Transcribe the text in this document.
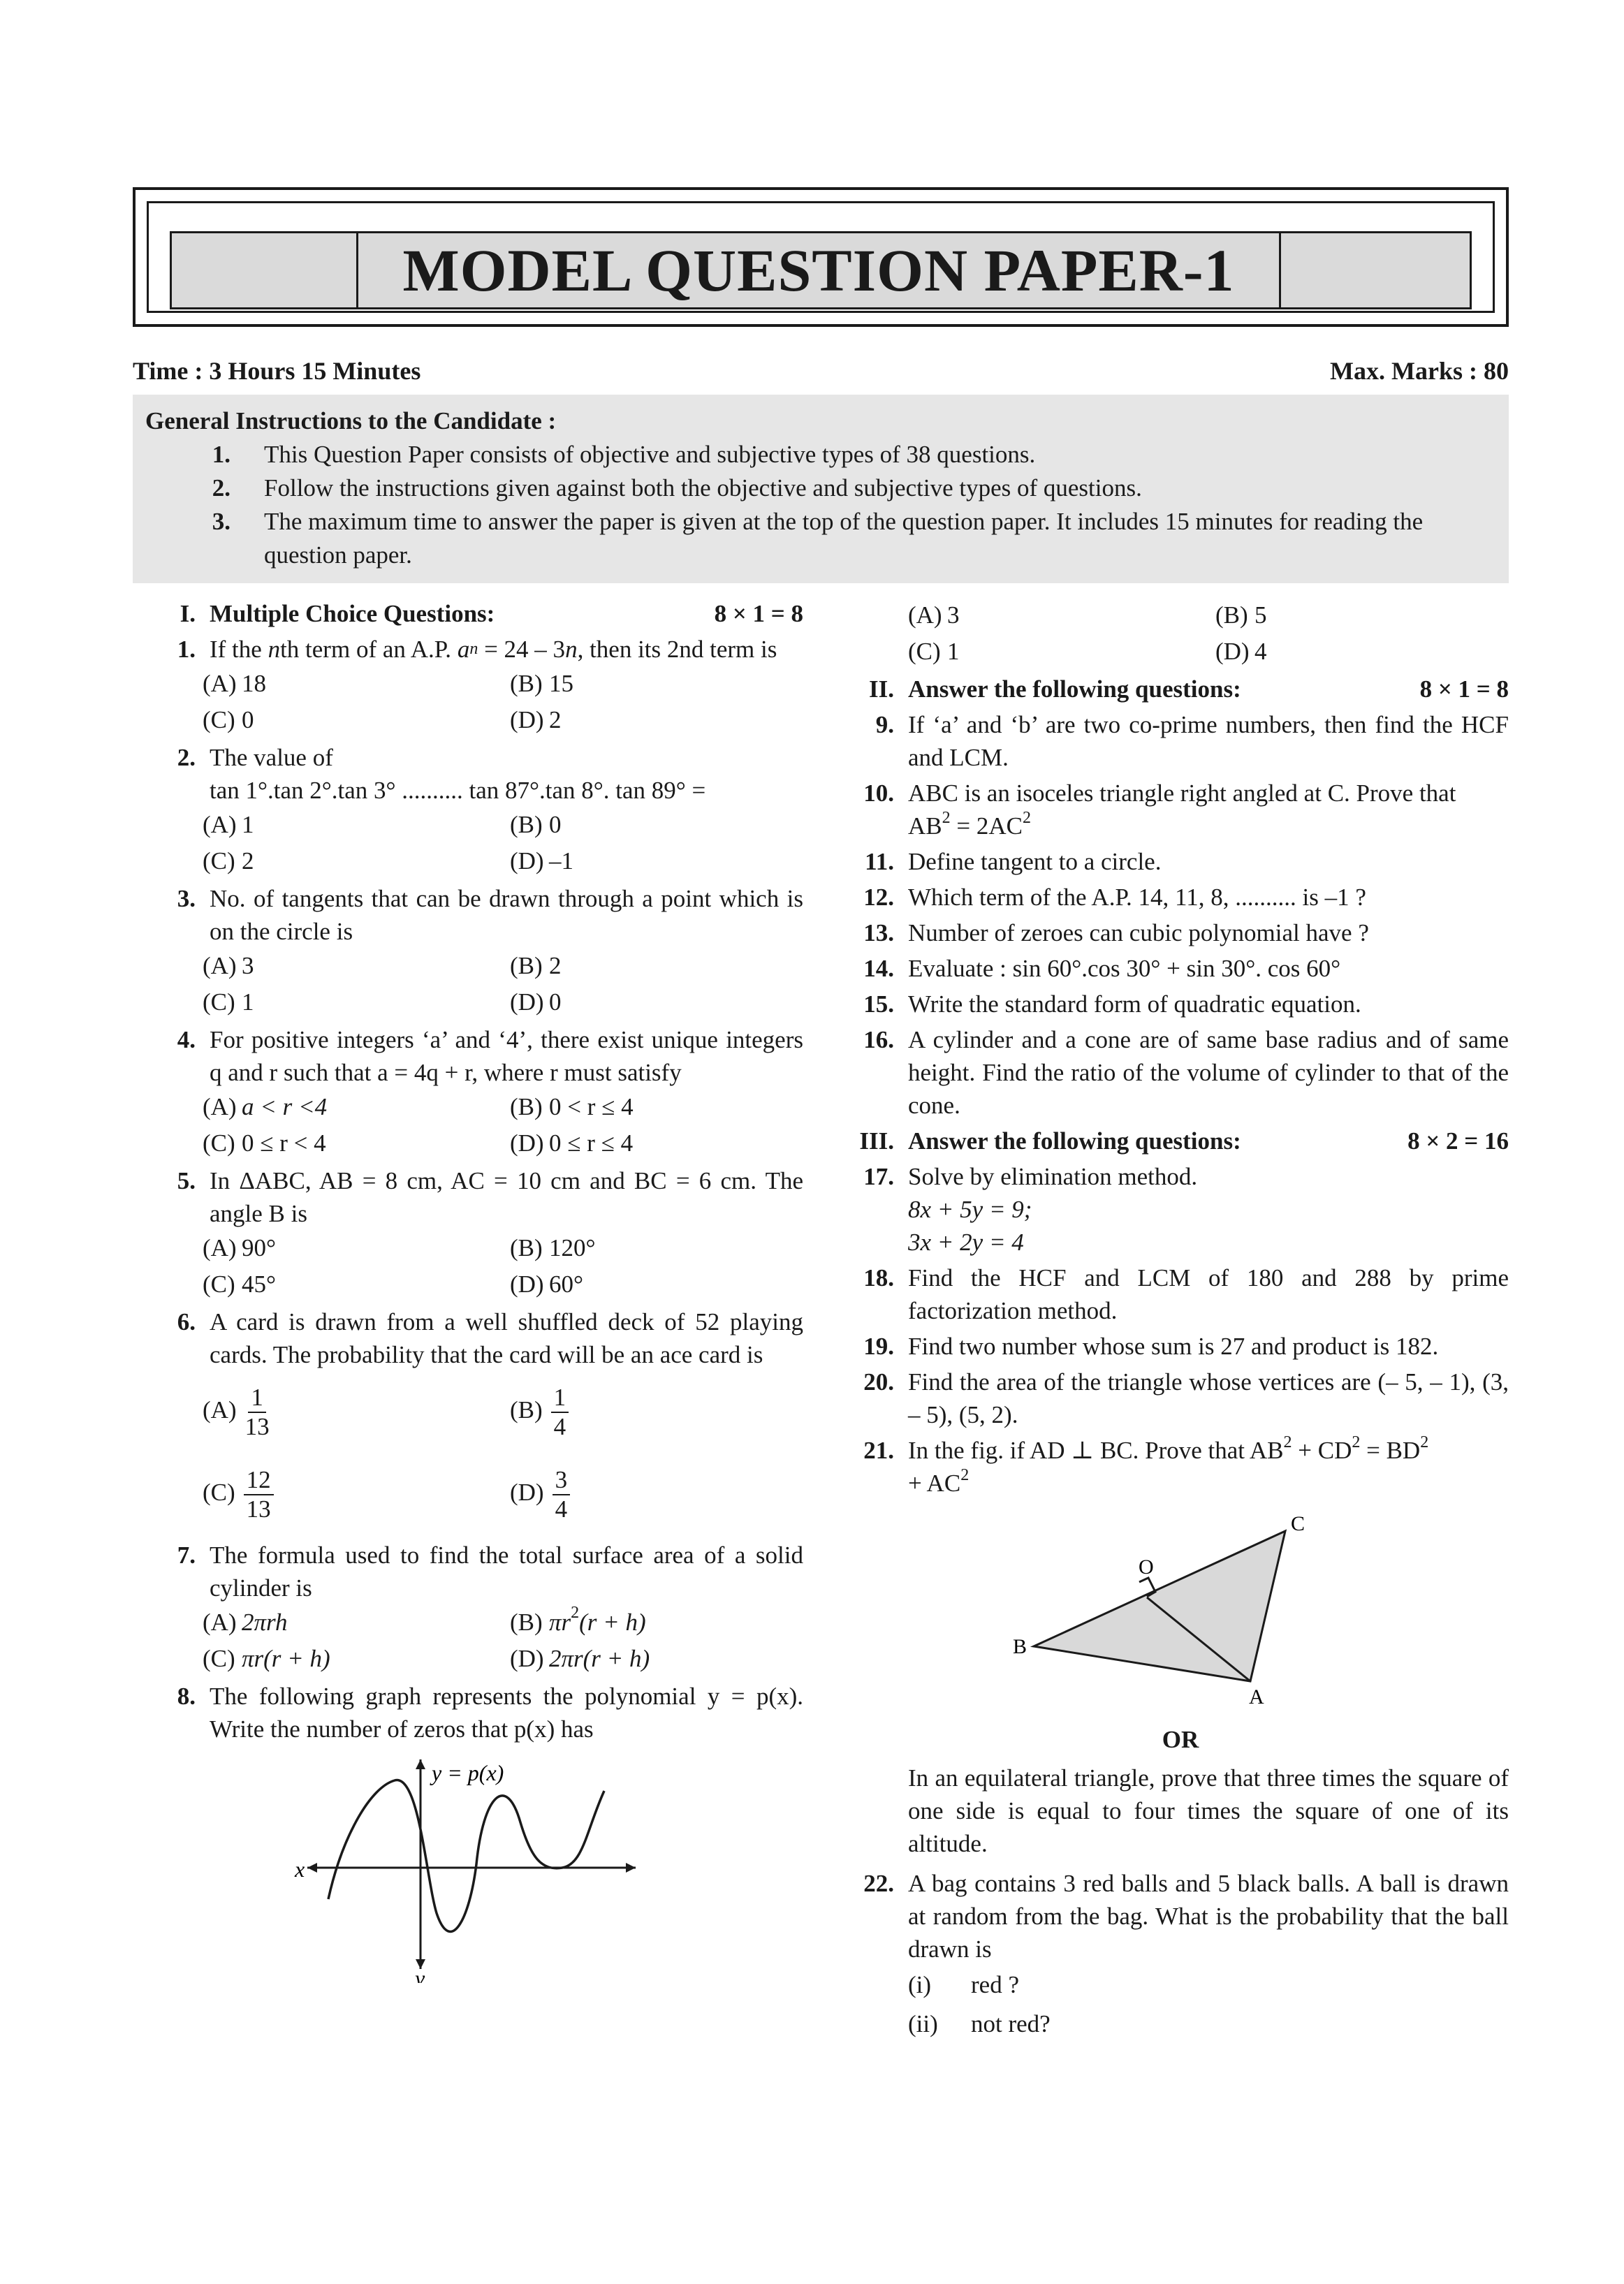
MODEL QUESTION PAPER-1
Time : 3 Hours 15 Minutes	Max. Marks : 80
General Instructions to the Candidate :
1.	This Question Paper consists of objective and subjective types of 38 questions.
2.	Follow the instructions given against both the objective and subjective types of questions.
3.	The maximum time to answer the paper is given at the top of the question paper. It includes 15 minutes for reading the question paper.
I. Multiple Choice Questions:	8 × 1 = 8
1. If the nth term of an A.P. an = 24 – 3n, then its 2nd term is
(A) 18	(B) 15
(C) 0	(D) 2
2. The value of
tan 1°.tan 2°.tan 3° .......... tan 87°.tan 8°. tan 89° =
(A) 1	(B) 0
(C) 2	(D) –1
3. No. of tangents that can be drawn through a point which is on the circle is
(A) 3	(B) 2
(C) 1	(D) 0
4. For positive integers ‘a’ and ‘4’, there exist unique integers q and r such that a = 4q + r, where r must satisfy
(A) a < r <4	(B) 0 < r ≤ 4
(C) 0 ≤ r < 4	(D) 0 ≤ r ≤ 4
5. In ΔABC, AB = 8 cm, AC = 10 cm and BC = 6 cm. The angle B is
(A) 90°	(B) 120°
(C) 45°	(D) 60°
6. A card is drawn from a well shuffled deck of 52 playing cards. The probability that the card will be an ace card is
$(A) \frac{1}{13}$	$(B) \frac{1}{4}$
$(C) \frac{12}{13}$	$(D) \frac{3}{4}$
7. The formula used to find the total surface area of a solid cylinder is
(A) 2πrh	(B) $\pi r^2(r + h)$
(C) πr(r + h)	(D) 2πr(r + h)
8. The following graph represents the polynomial y = p(x). Write the number of zeros that p(x) has
y = p(x)
x
y
(A) 3	(B) 5
(C) 1	(D) 4
II. Answer the following questions:	8 × 1 = 8
9. If ‘a’ and ‘b’ are two co-prime numbers, then find the HCF and LCM.
10. ABC is an isoceles triangle right angled at C. Prove that
$AB^2 = 2AC^2$
11. Define tangent to a circle.
12. Which term of the A.P. 14, 11, 8, .......... is –1 ?
13. Number of zeroes can cubic polynomial have ?
14. Evaluate : sin 60°.cos 30° + sin 30°. cos 60°
15. Write the standard form of quadratic equation.
16. A cylinder and a cone are of same base radius and of same height. Find the ratio of the volume of cylinder to that of the cone.
III. Answer the following questions:	8 × 2 = 16
17. Solve by elimination method.
8x + 5y = 9;
3x + 2y = 4
18. Find the HCF and LCM of 180 and 288 by prime factorization method.
19. Find two number whose sum is 27 and product is 182.
20. Find the area of the triangle whose vertices are (– 5, – 1), (3, – 5), (5, 2).
21. In the fig. if AD ⊥ BC. Prove that $AB^2 + CD^2 = BD^2$
+ $AC^2$
C
O
B
A
OR
In an equilateral triangle, prove that three times the square of one side is equal to four times the square of one of its altitude.
22. A bag contains 3 red balls and 5 black balls. A ball is drawn at random from the bag. What is the probability that the ball drawn is
(i) red ?
(ii) not red?
